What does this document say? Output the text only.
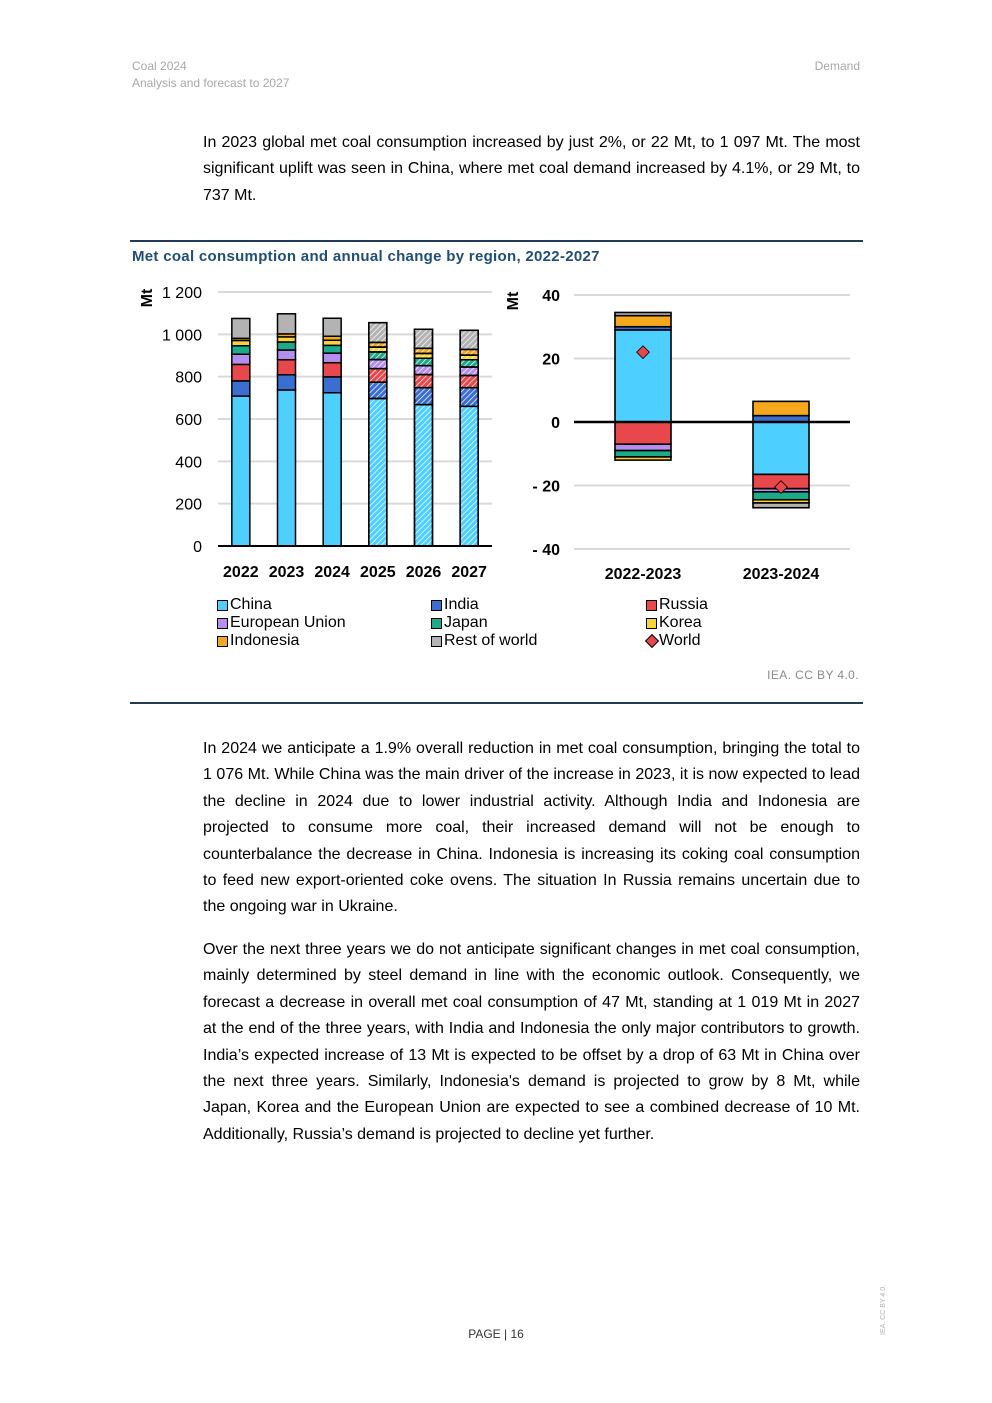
Coal 2024
Analysis and forecast to 2027
Demand

In 2023 global met coal consumption increased by just 2%, or 22 Mt, to 1 097 Mt. The most significant uplift was seen in China, where met coal demand increased by 4.1%, or 29 Mt, to 737 Mt.

Met coal consumption and annual change by region, 2022-2027
0
200
400
600
800
1 000
1 200
Mt
2022 2023 2024 2025 2026 2027
- 40
- 20
0
20
40
Mt
2022-2023	2023-2024
China	India	Russia
European Union	Japan	Korea
Indonesia	Rest of world	World
IEA. CC BY 4.0.

In 2024 we anticipate a 1.9% overall reduction in met coal consumption, bringing the total to 1 076 Mt. While China was the main driver of the increase in 2023, it is now expected to lead the decline in 2024 due to lower industrial activity. Although India and Indonesia are projected to consume more coal, their increased demand will not be enough to counterbalance the decrease in China. Indonesia is increasing its coking coal consumption to feed new export-oriented coke ovens. The situation In Russia remains uncertain due to the ongoing war in Ukraine.

Over the next three years we do not anticipate significant changes in met coal consumption, mainly determined by steel demand in line with the economic outlook. Consequently, we forecast a decrease in overall met coal consumption of 47 Mt, standing at 1 019 Mt in 2027 at the end of the three years, with India and Indonesia the only major contributors to growth. India’s expected increase of 13 Mt is expected to be offset by a drop of 63 Mt in China over the next three years. Similarly, Indonesia's demand is projected to grow by 8 Mt, while Japan, Korea and the European Union are expected to see a combined decrease of 10 Mt. Additionally, Russia’s demand is projected to decline yet further.

PAGE | 16	IEA. CC BY 4.0.
